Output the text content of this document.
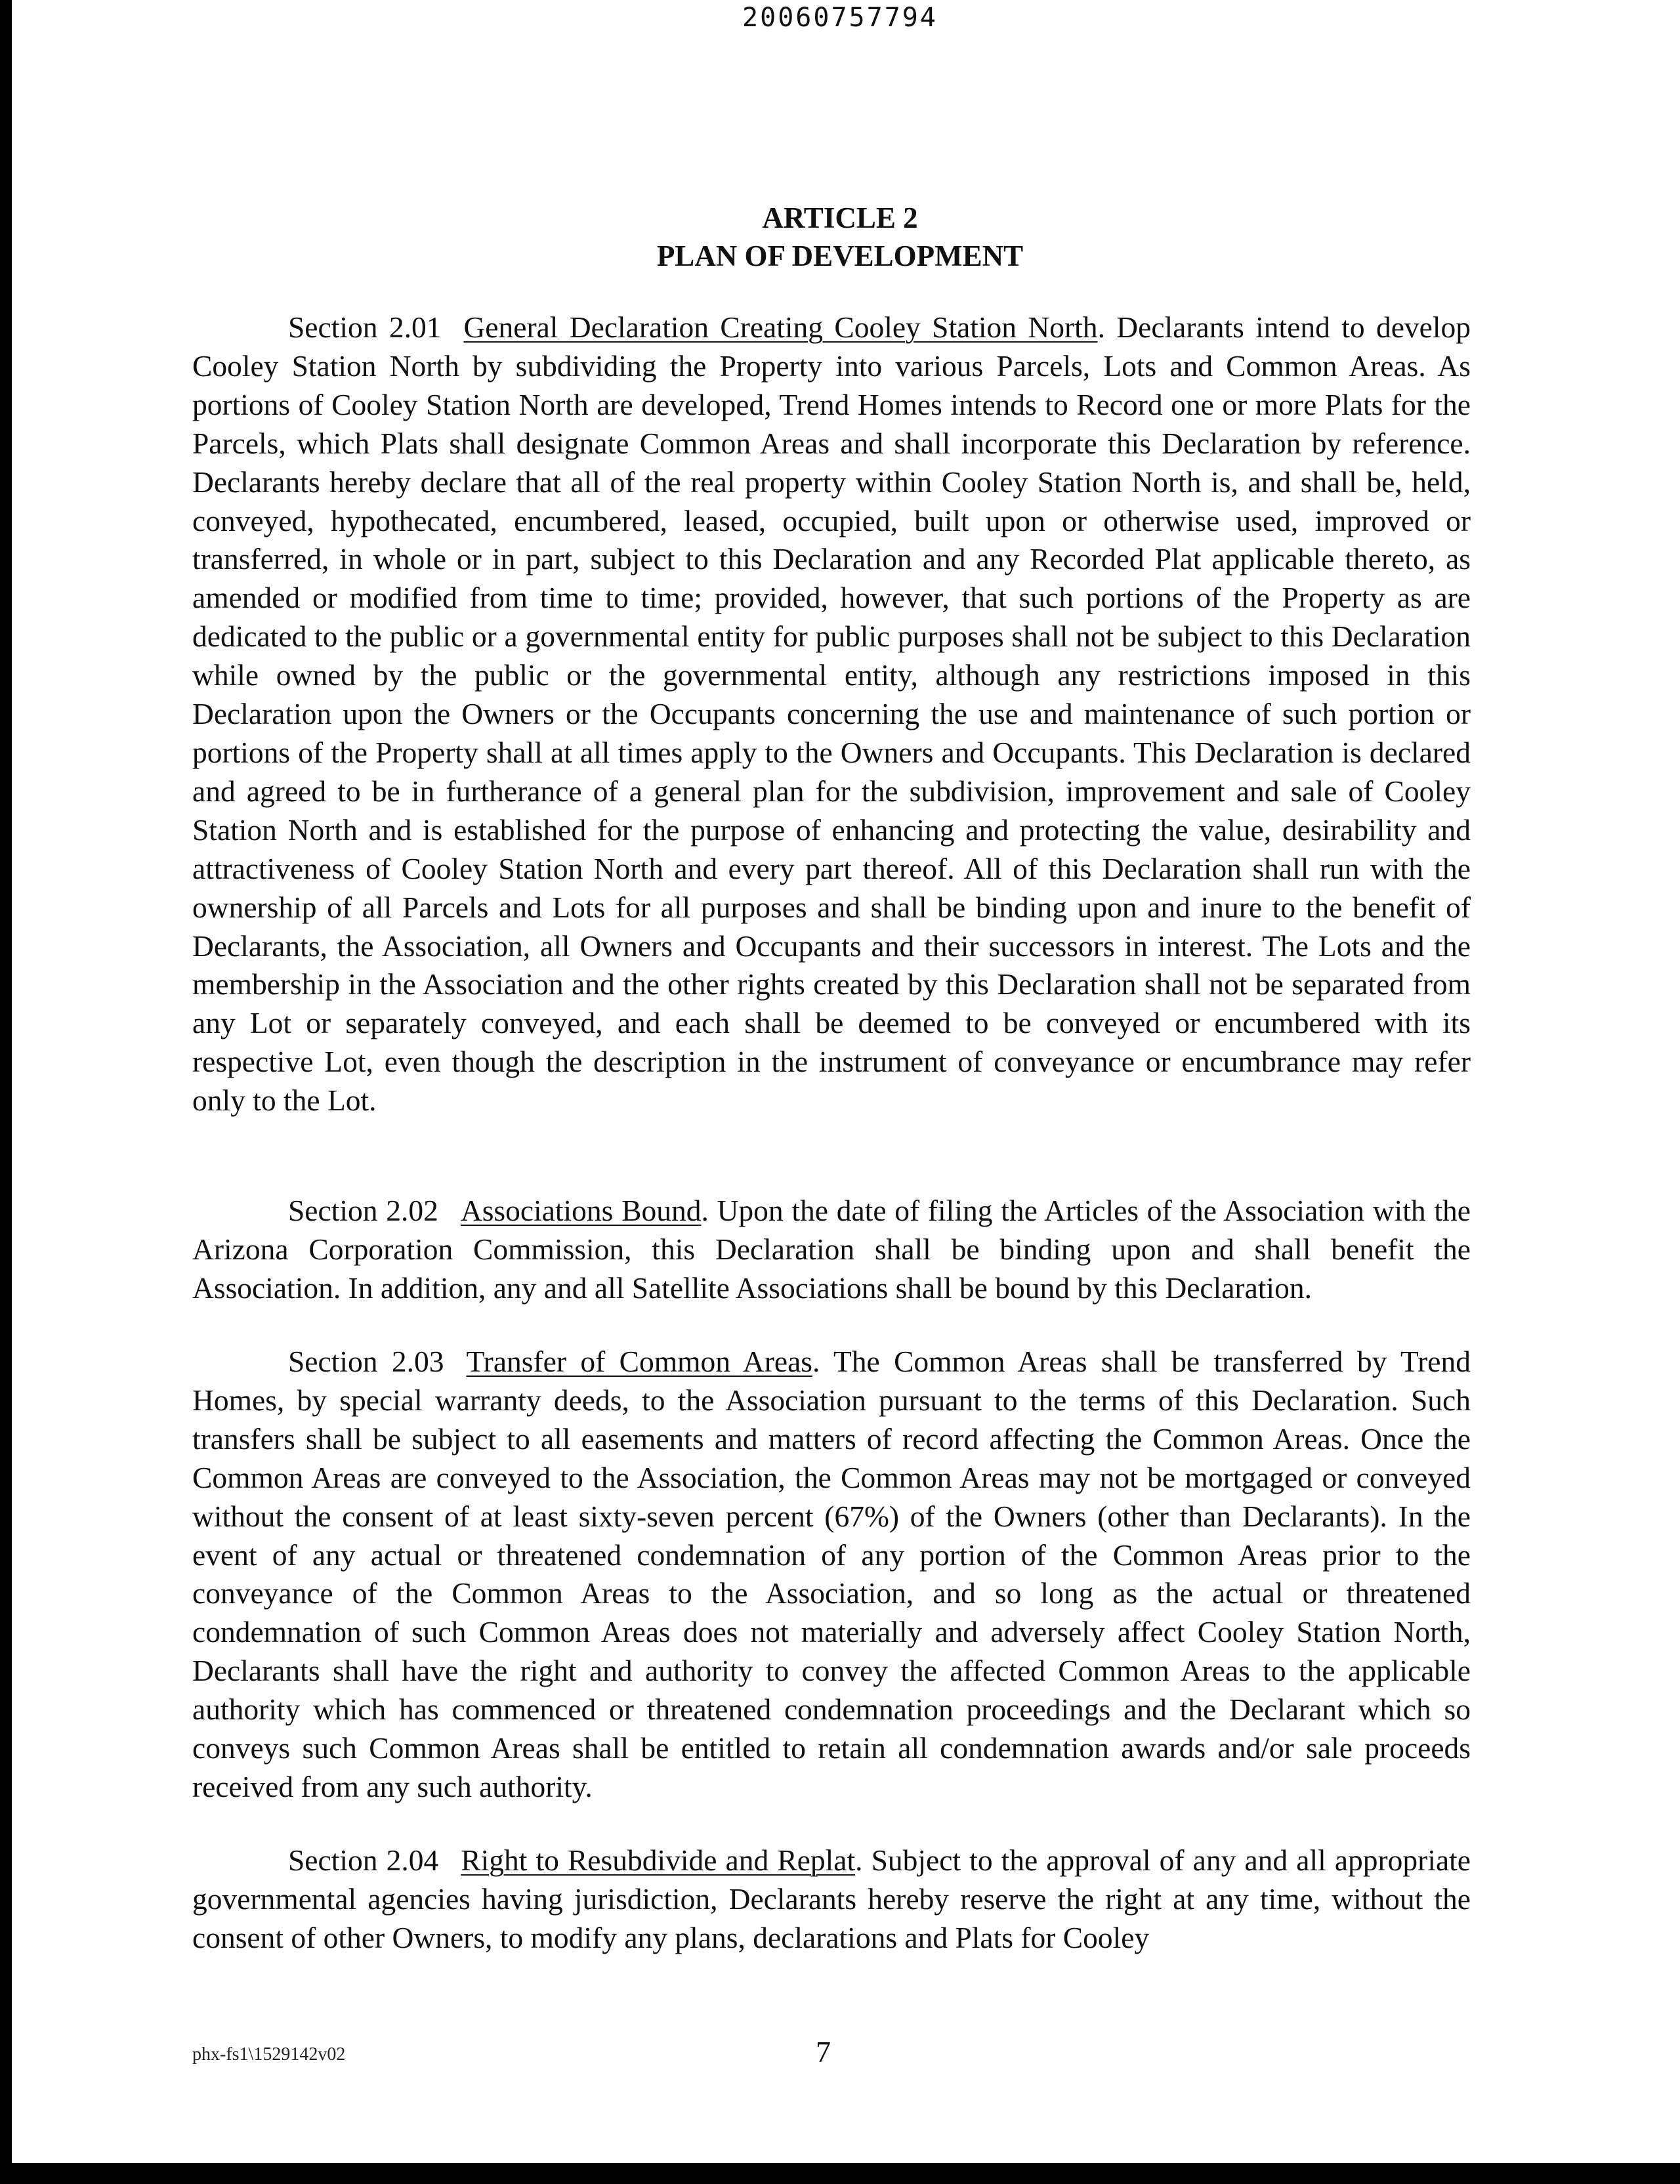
20060757794
ARTICLE 2
PLAN OF DEVELOPMENT
Section 2.01 General Declaration Creating Cooley Station North. Declarants intend to develop Cooley Station North by subdividing the Property into various Parcels, Lots and Common Areas. As portions of Cooley Station North are developed, Trend Homes intends to Record one or more Plats for the Parcels, which Plats shall designate Common Areas and shall incorporate this Declaration by reference. Declarants hereby declare that all of the real property within Cooley Station North is, and shall be, held, conveyed, hypothecated, encumbered, leased, occupied, built upon or otherwise used, improved or transferred, in whole or in part, subject to this Declaration and any Recorded Plat applicable thereto, as amended or modified from time to time; provided, however, that such portions of the Property as are dedicated to the public or a governmental entity for public purposes shall not be subject to this Declaration while owned by the public or the governmental entity, although any restrictions imposed in this Declaration upon the Owners or the Occupants concerning the use and maintenance of such portion or portions of the Property shall at all times apply to the Owners and Occupants. This Declaration is declared and agreed to be in furtherance of a general plan for the subdivision, improvement and sale of Cooley Station North and is established for the purpose of enhancing and protecting the value, desirability and attractiveness of Cooley Station North and every part thereof. All of this Declaration shall run with the ownership of all Parcels and Lots for all purposes and shall be binding upon and inure to the benefit of Declarants, the Association, all Owners and Occupants and their successors in interest. The Lots and the membership in the Association and the other rights created by this Declaration shall not be separated from any Lot or separately conveyed, and each shall be deemed to be conveyed or encumbered with its respective Lot, even though the description in the instrument of conveyance or encumbrance may refer only to the Lot.
Section 2.02 Associations Bound. Upon the date of filing the Articles of the Association with the Arizona Corporation Commission, this Declaration shall be binding upon and shall benefit the Association. In addition, any and all Satellite Associations shall be bound by this Declaration.
Section 2.03 Transfer of Common Areas. The Common Areas shall be transferred by Trend Homes, by special warranty deeds, to the Association pursuant to the terms of this Declaration. Such transfers shall be subject to all easements and matters of record affecting the Common Areas. Once the Common Areas are conveyed to the Association, the Common Areas may not be mortgaged or conveyed without the consent of at least sixty-seven percent (67%) of the Owners (other than Declarants). In the event of any actual or threatened condemnation of any portion of the Common Areas prior to the conveyance of the Common Areas to the Association, and so long as the actual or threatened condemnation of such Common Areas does not materially and adversely affect Cooley Station North, Declarants shall have the right and authority to convey the affected Common Areas to the applicable authority which has commenced or threatened condemnation proceedings and the Declarant which so conveys such Common Areas shall be entitled to retain all condemnation awards and/or sale proceeds received from any such authority.
Section 2.04 Right to Resubdivide and Replat. Subject to the approval of any and all appropriate governmental agencies having jurisdiction, Declarants hereby reserve the right at any time, without the consent of other Owners, to modify any plans, declarations and Plats for Cooley
phx-fs1\1529142v02	7
